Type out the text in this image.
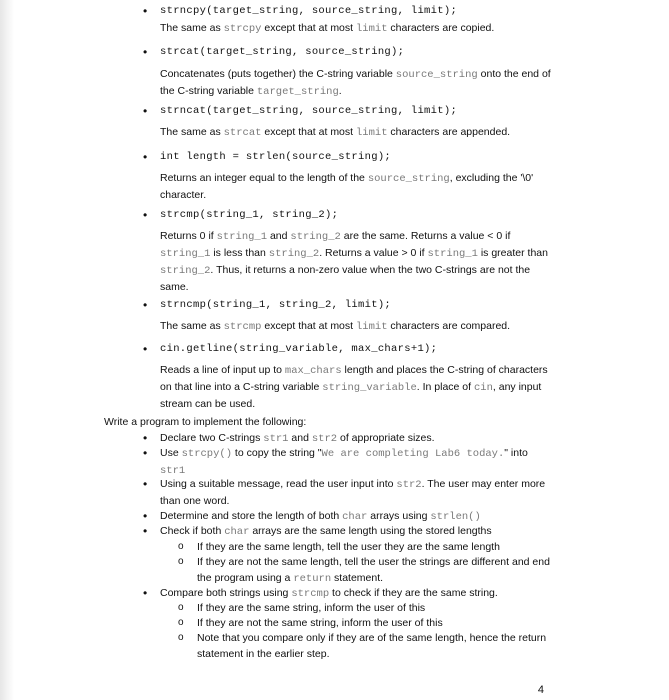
• strncpy(target_string, source_string, limit);
The same as strcpy except that at most limit characters are copied.
• strcat(target_string, source_string);
Concatenates (puts together) the C-string variable source_string onto the end of the C-string variable target_string.
• strncat(target_string, source_string, limit);
The same as strcat except that at most limit characters are appended.
• int length = strlen(source_string);
Returns an integer equal to the length of the source_string, excluding the '\0' character.
• strcmp(string_1, string_2);
Returns 0 if string_1 and string_2 are the same. Returns a value < 0 if string_1 is less than string_2. Returns a value > 0 if string_1 is greater than string_2. Thus, it returns a non-zero value when the two C-strings are not the same.
• strncmp(string_1, string_2, limit);
The same as strcmp except that at most limit characters are compared.
• cin.getline(string_variable, max_chars+1);
Reads a line of input up to max_chars length and places the C-string of characters on that line into a C-string variable string_variable. In place of cin, any input stream can be used.
Write a program to implement the following:
• Declare two C-strings str1 and str2 of appropriate sizes.
• Use strcpy() to copy the string "We are completing Lab6 today." into str1
• Using a suitable message, read the user input into str2. The user may enter more than one word.
• Determine and store the length of both char arrays using strlen()
• Check if both char arrays are the same length using the stored lengths
o If they are the same length, tell the user they are the same length
o If they are not the same length, tell the user the strings are different and end the program using a return statement.
• Compare both strings using strcmp to check if they are the same string.
o If they are the same string, inform the user of this
o If they are not the same string, inform the user of this
o Note that you compare only if they are of the same length, hence the return statement in the earlier step.
4
